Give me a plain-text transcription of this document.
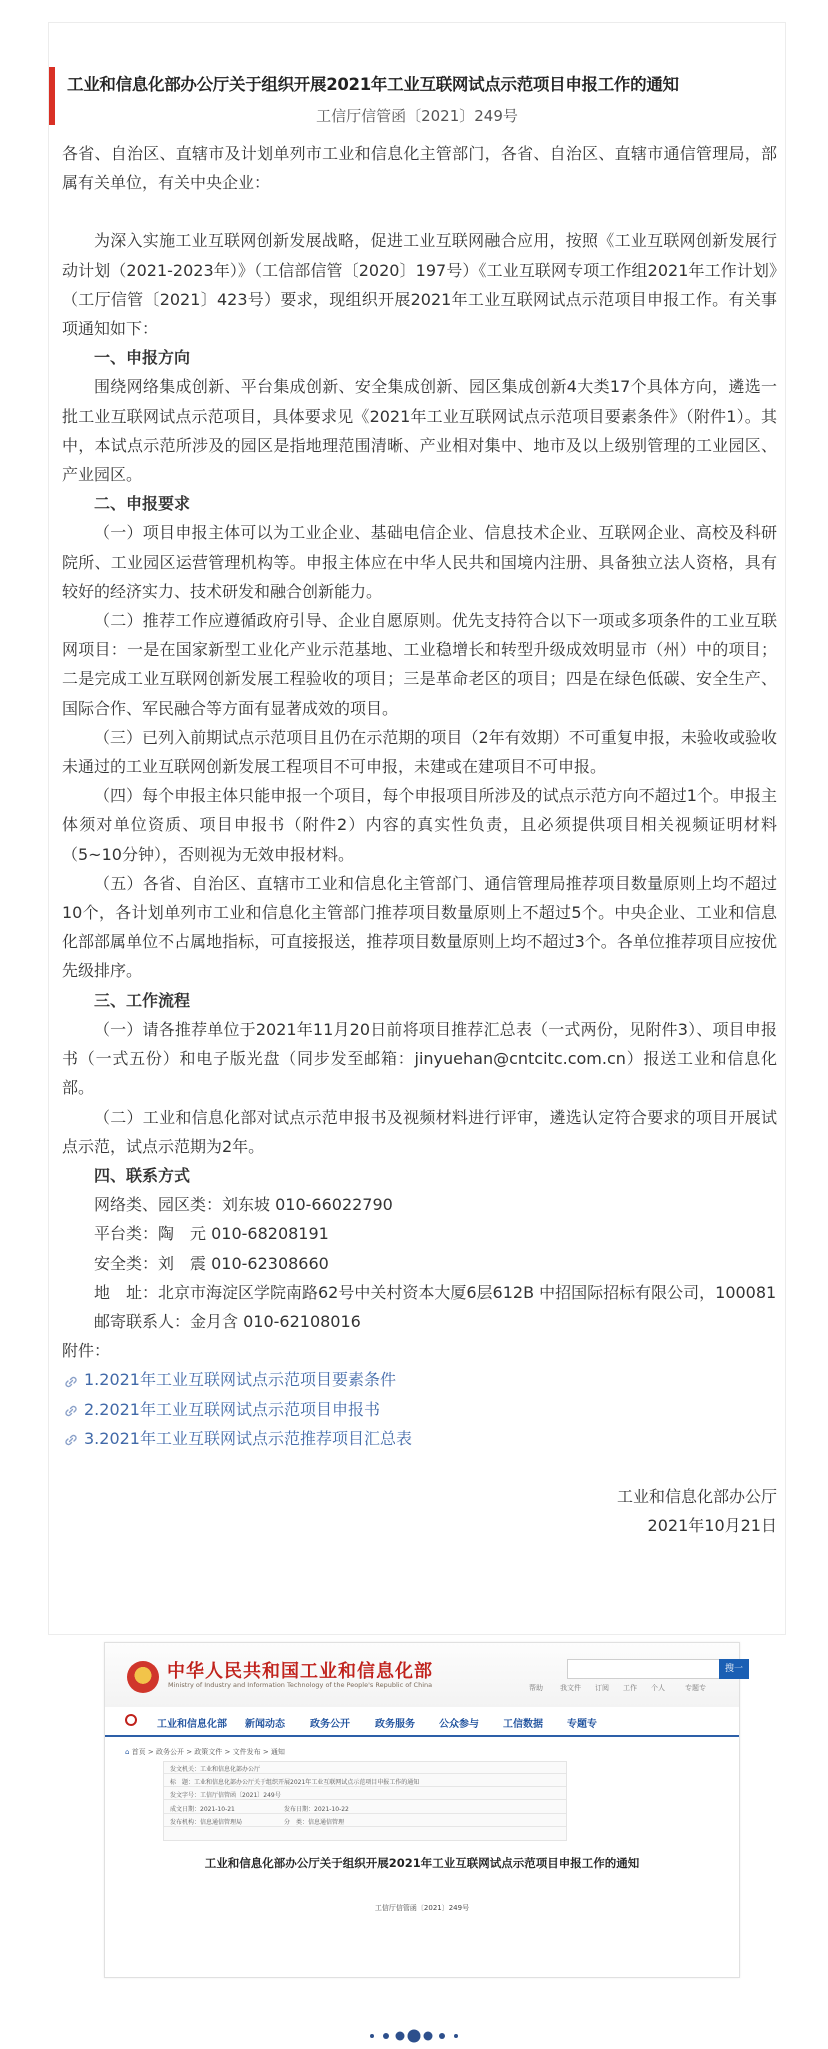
工业和信息化部办公厅关于组织开展2021年工业互联网试点示范项目申报工作的通知
工信厅信管函〔2021〕249号

各省、自治区、直辖市及计划单列市工业和信息化主管部门，各省、自治区、直辖市通信管理局，部属有关单位，有关中央企业：

为深入实施工业互联网创新发展战略，促进工业互联网融合应用，按照《工业互联网创新发展行动计划（2021-2023年）》（工信部信管〔2020〕197号）《工业互联网专项工作组2021年工作计划》（工厅信管〔2021〕423号）要求，现组织开展2021年工业互联网试点示范项目申报工作。有关事项通知如下：

一、申报方向

围绕网络集成创新、平台集成创新、安全集成创新、园区集成创新4大类17个具体方向，遴选一批工业互联网试点示范项目，具体要求见《2021年工业互联网试点示范项目要素条件》（附件1）。其中，本试点示范所涉及的园区是指地理范围清晰、产业相对集中、地市及以上级别管理的工业园区、产业园区。

二、申报要求

（一）项目申报主体可以为工业企业、基础电信企业、信息技术企业、互联网企业、高校及科研院所、工业园区运营管理机构等。申报主体应在中华人民共和国境内注册、具备独立法人资格，具有较好的经济实力、技术研发和融合创新能力。

（二）推荐工作应遵循政府引导、企业自愿原则。优先支持符合以下一项或多项条件的工业互联网项目：一是在国家新型工业化产业示范基地、工业稳增长和转型升级成效明显市（州）中的项目；二是完成工业互联网创新发展工程验收的项目；三是革命老区的项目；四是在绿色低碳、安全生产、国际合作、军民融合等方面有显著成效的项目。

（三）已列入前期试点示范项目且仍在示范期的项目（2年有效期）不可重复申报，未验收或验收未通过的工业互联网创新发展工程项目不可申报，未建或在建项目不可申报。

（四）每个申报主体只能申报一个项目，每个申报项目所涉及的试点示范方向不超过1个。申报主体须对单位资质、项目申报书（附件2）内容的真实性负责，且必须提供项目相关视频证明材料（5~10分钟），否则视为无效申报材料。

（五）各省、自治区、直辖市工业和信息化主管部门、通信管理局推荐项目数量原则上均不超过10个，各计划单列市工业和信息化主管部门推荐项目数量原则上不超过5个。中央企业、工业和信息化部部属单位不占属地指标，可直接报送，推荐项目数量原则上均不超过3个。各单位推荐项目应按优先级排序。

三、工作流程

（一）请各推荐单位于2021年11月20日前将项目推荐汇总表（一式两份，见附件3）、项目申报书（一式五份）和电子版光盘（同步发至邮箱：jinyuehan@cntcitc.com.cn）报送工业和信息化部。

（二）工业和信息化部对试点示范申报书及视频材料进行评审，遴选认定符合要求的项目开展试点示范，试点示范期为2年。

四、联系方式

网络类、园区类：刘东坡 010-66022790

平台类：陶　元 010-68208191

安全类：刘　震 010-62308660

地　址：北京市海淀区学院南路62号中关村资本大厦6层612B 中招国际招标有限公司，100081

邮寄联系人：金月含 010-62108016

附件：

1.2021年工业互联网试点示范项目要素条件
2.2021年工业互联网试点示范项目申报书
3.2021年工业互联网试点示范推荐项目汇总表

工业和信息化部办公厅

2021年10月21日

中华人民共和国工业和信息化部
Ministry of Industry and Information Technology of the People's Republic of China
搜一
帮助 我文件 订阅 工作 个人	专题专
工业和信息化部 新闻动态	政务公开	政务服务 公众参与 工信数据 专题专
⌂ 首页 > 政务公开 > 政策文件 > 文件发布 > 通知
发文机关：工业和信息化部办公厅
标　题：工业和信息化部办公厅关于组织开展2021年工业互联网试点示范项目申报工作的通知
发文字号：工信厅信管函〔2021〕249号
成文日期：2021-10-21	发布日期：2021-10-22
发布机构：信息通信管理局	分　类：信息通信管理
工业和信息化部办公厅关于组织开展2021年工业互联网试点示范项目申报工作的通知
工信厅信管函〔2021〕249号
